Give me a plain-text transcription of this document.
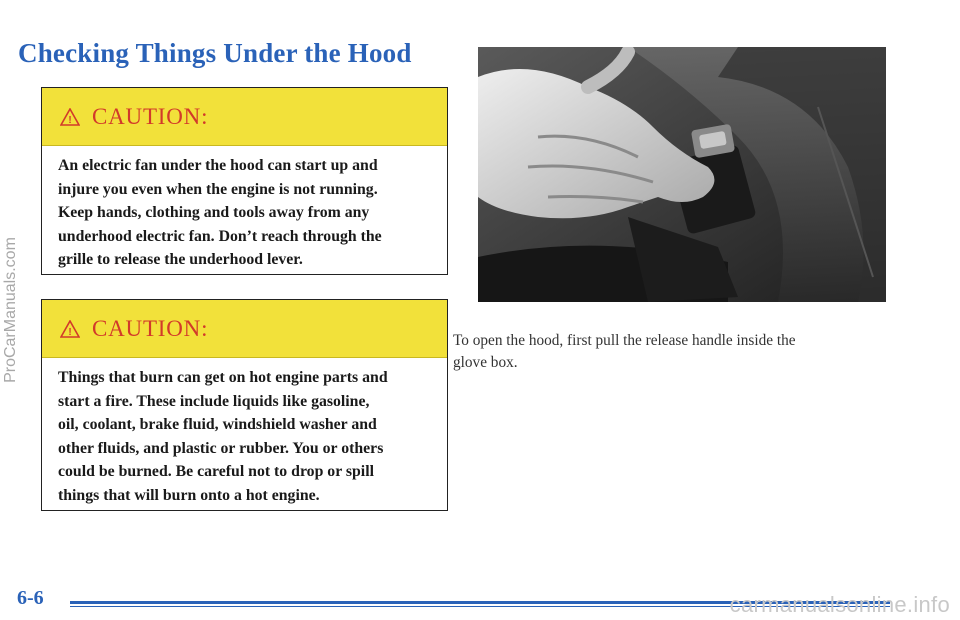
Checking Things Under the Hood
! CAUTION:
An electric fan under the hood can start up and
injure you even when the engine is not running.
Keep hands, clothing and tools away from any
underhood electric fan. Don’t reach through the
grille to release the underhood lever.
! CAUTION:
Things that burn can get on hot engine parts and
start a fire. These include liquids like gasoline,
oil, coolant, brake fluid, windshield washer and
other fluids, and plastic or rubber. You or others
could be burned. Be careful not to drop or spill
things that will burn onto a hot engine.
To open the hood, first pull the release handle inside the
glove box.
6-6
ProCarManuals.com
carmanualsonline.info
